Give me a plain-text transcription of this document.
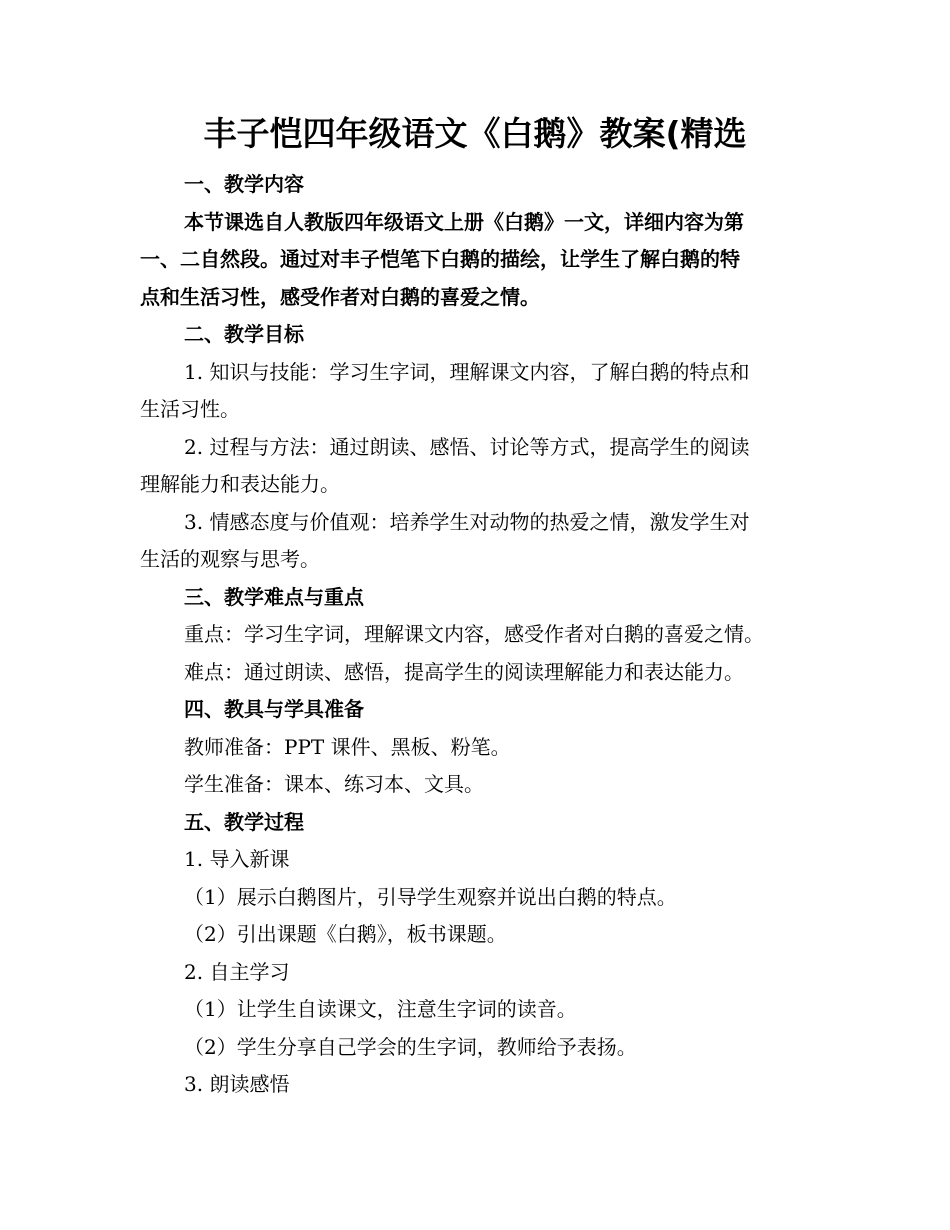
丰子恺四年级语文《白鹅》教案(精选

一、教学内容

本节课选自人教版四年级语文上册《白鹅》一文，详细内容为第

一、二自然段。通过对丰子恺笔下白鹅的描绘，让学生了解白鹅的特

点和生活习性，感受作者对白鹅的喜爱之情。

二、教学目标

1. 知识与技能：学习生字词，理解课文内容，了解白鹅的特点和

生活习性。

2. 过程与方法：通过朗读、感悟、讨论等方式，提高学生的阅读

理解能力和表达能力。

3. 情感态度与价值观：培养学生对动物的热爱之情，激发学生对

生活的观察与思考。

三、教学难点与重点

重点：学习生字词，理解课文内容，感受作者对白鹅的喜爱之情。

难点：通过朗读、感悟，提高学生的阅读理解能力和表达能力。

四、教具与学具准备

教师准备：PPT 课件、黑板、粉笔。

学生准备：课本、练习本、文具。

五、教学过程

1. 导入新课

（1）展示白鹅图片，引导学生观察并说出白鹅的特点。

（2）引出课题《白鹅》，板书课题。

2. 自主学习

（1）让学生自读课文，注意生字词的读音。

（2）学生分享自己学会的生字词，教师给予表扬。

3. 朗读感悟
